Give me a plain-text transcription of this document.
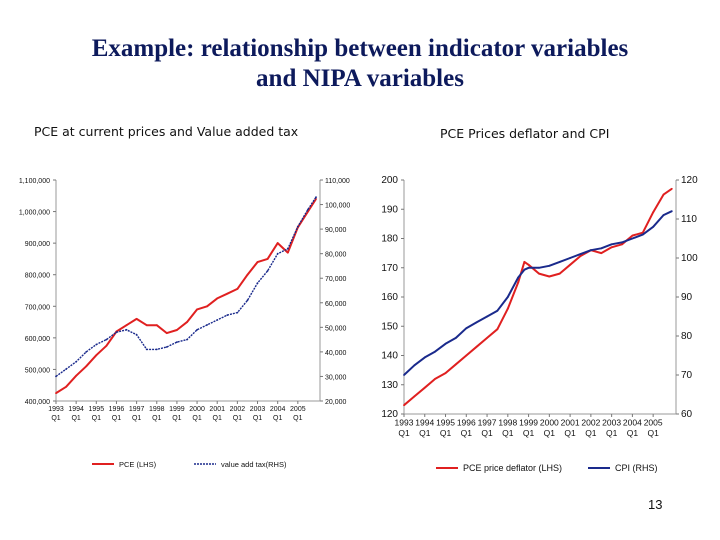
Example: relationship between indicator variables
and NIPA variables
PCE at current prices and Value added tax	PCE Prices deflator and CPI
400,000
500,000
600,000
700,000
800,000
900,000
1,000,000
1,100,000
20,000
30,000
40,000
50,000
60,000
70,000
80,000
90,000
100,000
110,000
1993
Q1
1994
Q1
1995
Q1
1996
Q1
1997
Q1
1998
Q1
1999
Q1
2000
Q1
2001
Q1
2002
Q1
2003
Q1
2004
Q1
2005
Q1
PCE (LHS)	value add tax(RHS)
120
130
140
150
160
170
180
190
200
60
70
80
90
100
110
120
1993
Q1
1994
Q1
1995
Q1
1996
Q1
1997
Q1
1998
Q1
1999
Q1
2000
Q1
2001
Q1
2002
Q1
2003
Q1
2004
Q1
2005
Q1
PCE price deflator (LHS)	CPI (RHS)
13
